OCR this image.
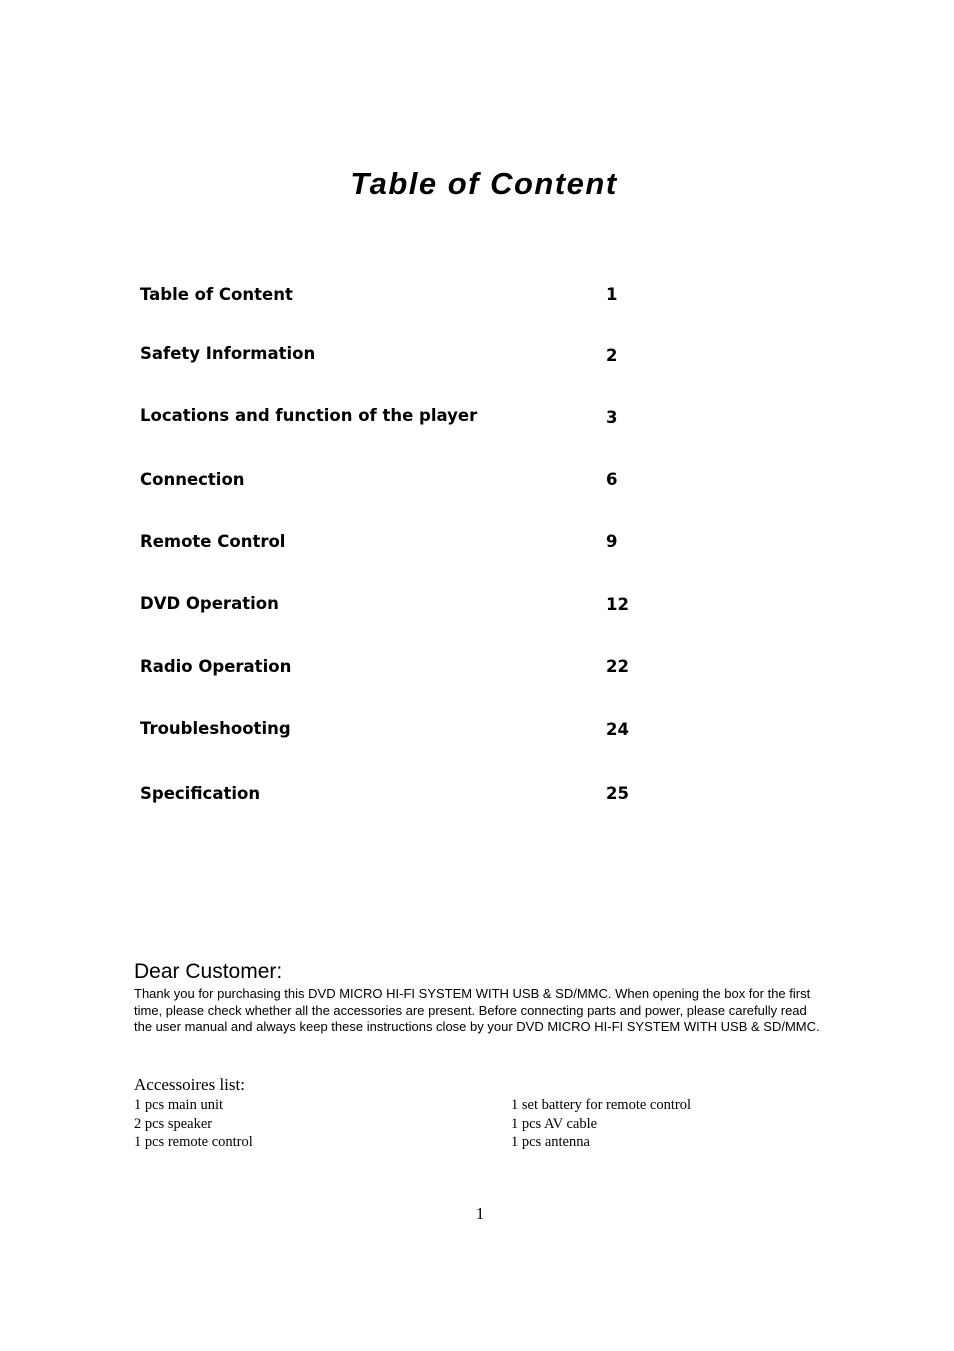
Table of Content
Table of Content	1
Safety Information	2
Locations and function of the player	3
Connection	6
Remote Control	9
DVD Operation	12
Radio Operation	22
Troubleshooting	24
Specification	25
Dear Customer:
Thank you for purchasing this DVD MICRO HI-FI SYSTEM WITH USB & SD/MMC. When opening the box for the first time, please check whether all the accessories are present. Before connecting parts and power, please carefully read the user manual and always keep these instructions close by your DVD MICRO HI-FI SYSTEM WITH USB & SD/MMC.
Accessoires list:
1 pcs main unit
2 pcs speaker
1 pcs remote control
1 set battery for remote control
1 pcs AV cable
1 pcs antenna
1
